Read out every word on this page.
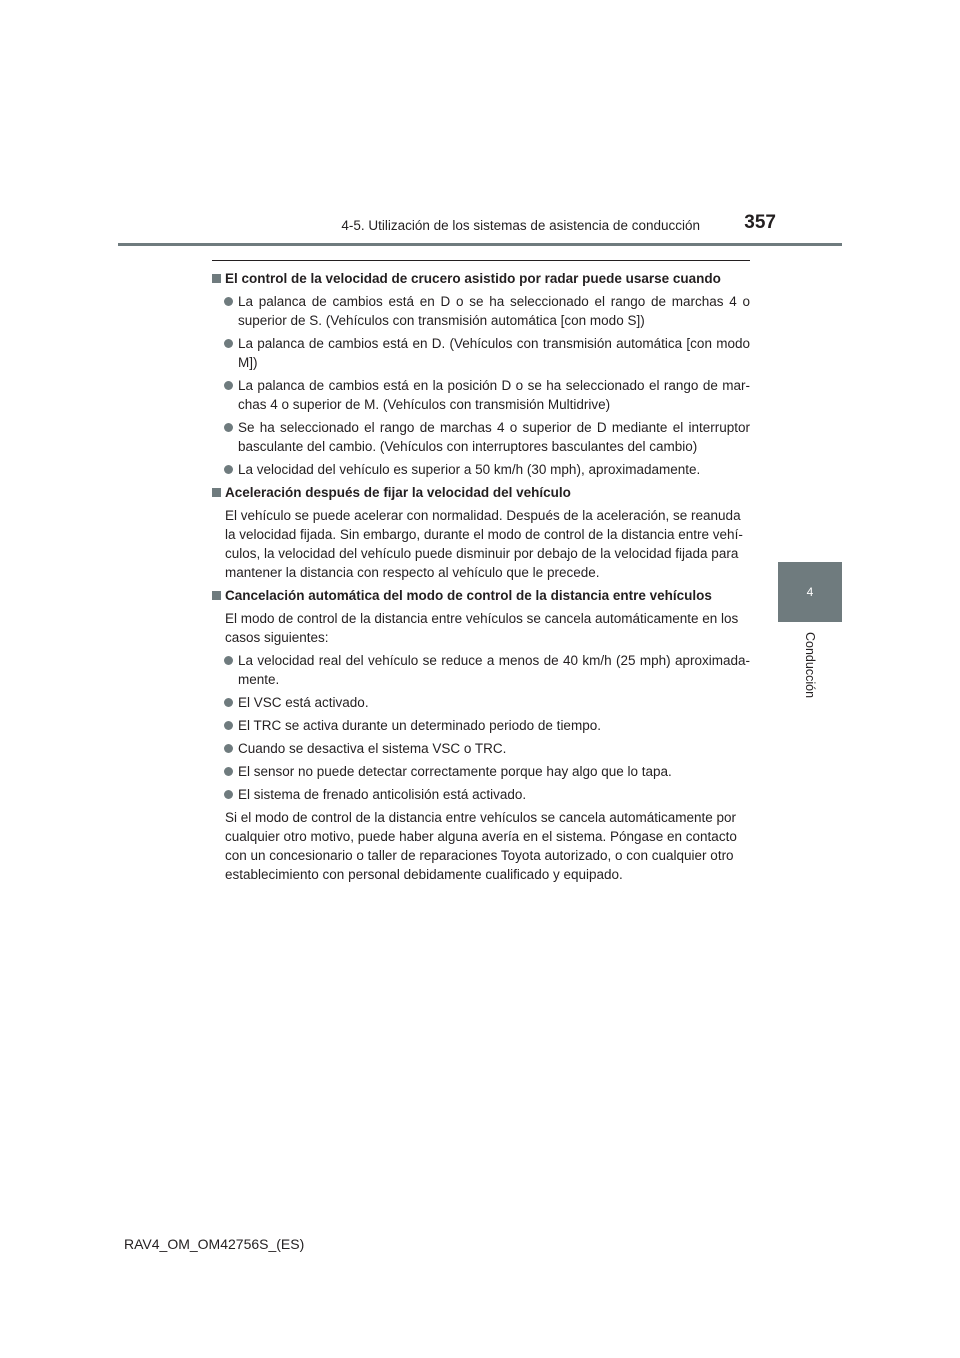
4-5. Utilización de los sistemas de asistencia de conducción	357
4
Conducción
El control de la velocidad de crucero asistido por radar puede usarse cuando
La palanca de cambios está en D o se ha seleccionado el rango de marchas 4 o superior de S. (Vehículos con transmisión automática [con modo S])
La palanca de cambios está en D. (Vehículos con transmisión automática [con modo M])
La palanca de cambios está en la posición D o se ha seleccionado el rango de mar-chas 4 o superior de M. (Vehículos con transmisión Multidrive)
Se ha seleccionado el rango de marchas 4 o superior de D mediante el interruptor basculante del cambio. (Vehículos con interruptores basculantes del cambio)
La velocidad del vehículo es superior a 50 km/h (30 mph), aproximadamente.
Aceleración después de fijar la velocidad del vehículo
El vehículo se puede acelerar con normalidad. Después de la aceleración, se reanuda la velocidad fijada. Sin embargo, durante el modo de control de la distancia entre vehí-culos, la velocidad del vehículo puede disminuir por debajo de la velocidad fijada para mantener la distancia con respecto al vehículo que le precede.
Cancelación automática del modo de control de la distancia entre vehículos
El modo de control de la distancia entre vehículos se cancela automáticamente en los casos siguientes:
La velocidad real del vehículo se reduce a menos de 40 km/h (25 mph) aproximada-mente.
El VSC está activado.
El TRC se activa durante un determinado periodo de tiempo.
Cuando se desactiva el sistema VSC o TRC.
El sensor no puede detectar correctamente porque hay algo que lo tapa.
El sistema de frenado anticolisión está activado.
Si el modo de control de la distancia entre vehículos se cancela automáticamente por cualquier otro motivo, puede haber alguna avería en el sistema. Póngase en contacto con un concesionario o taller de reparaciones Toyota autorizado, o con cualquier otro establecimiento con personal debidamente cualificado y equipado.
RAV4_OM_OM42756S_(ES)
